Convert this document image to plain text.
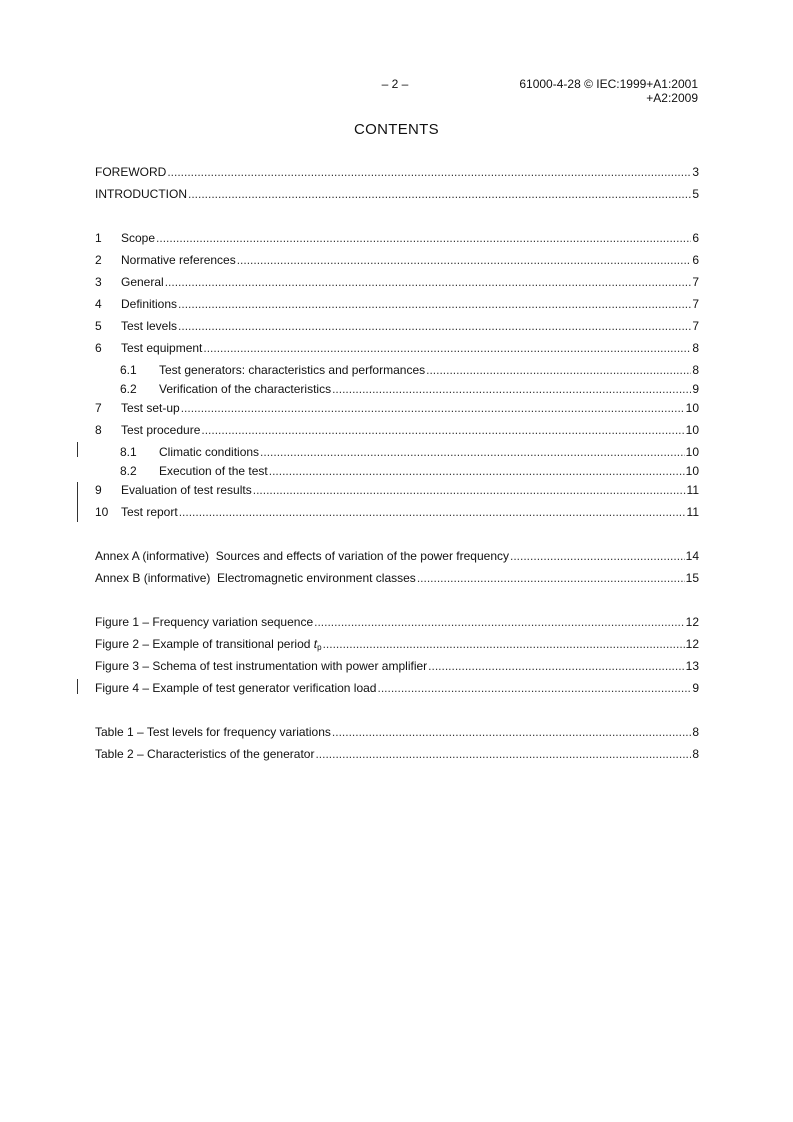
– 2 –	61000-4-28 © IEC:1999+A1:2001
+A2:2009
CONTENTS
FOREWORD .....	3
INTRODUCTION .....	5
1	Scope .....	6
2	Normative references .....	6
3	General .....	7
4	Definitions .....	7
5	Test levels .....	7
6	Test equipment .....	8
6.1	Test generators: characteristics and performances .....	8
6.2	Verification of the characteristics .....	9
7	Test set-up .....	10
8	Test procedure .....	10
8.1	Climatic conditions .....	10
8.2	Execution of the test .....	10
9	Evaluation of test results .....	11
10	Test report .....	11
Annex A (informative)  Sources and effects of variation of the power frequency .....	14
Annex B (informative)  Electromagnetic environment classes .....	15
Figure 1 – Frequency variation sequence .....	12
Figure 2 – Example of transitional period $t_p$ .....	12
Figure 3 – Schema of test instrumentation with power amplifier .....	13
Figure 4 – Example of test generator verification load .....	9
Table 1 – Test levels for frequency variations .....	8
Table 2 – Characteristics of the generator .....	8
